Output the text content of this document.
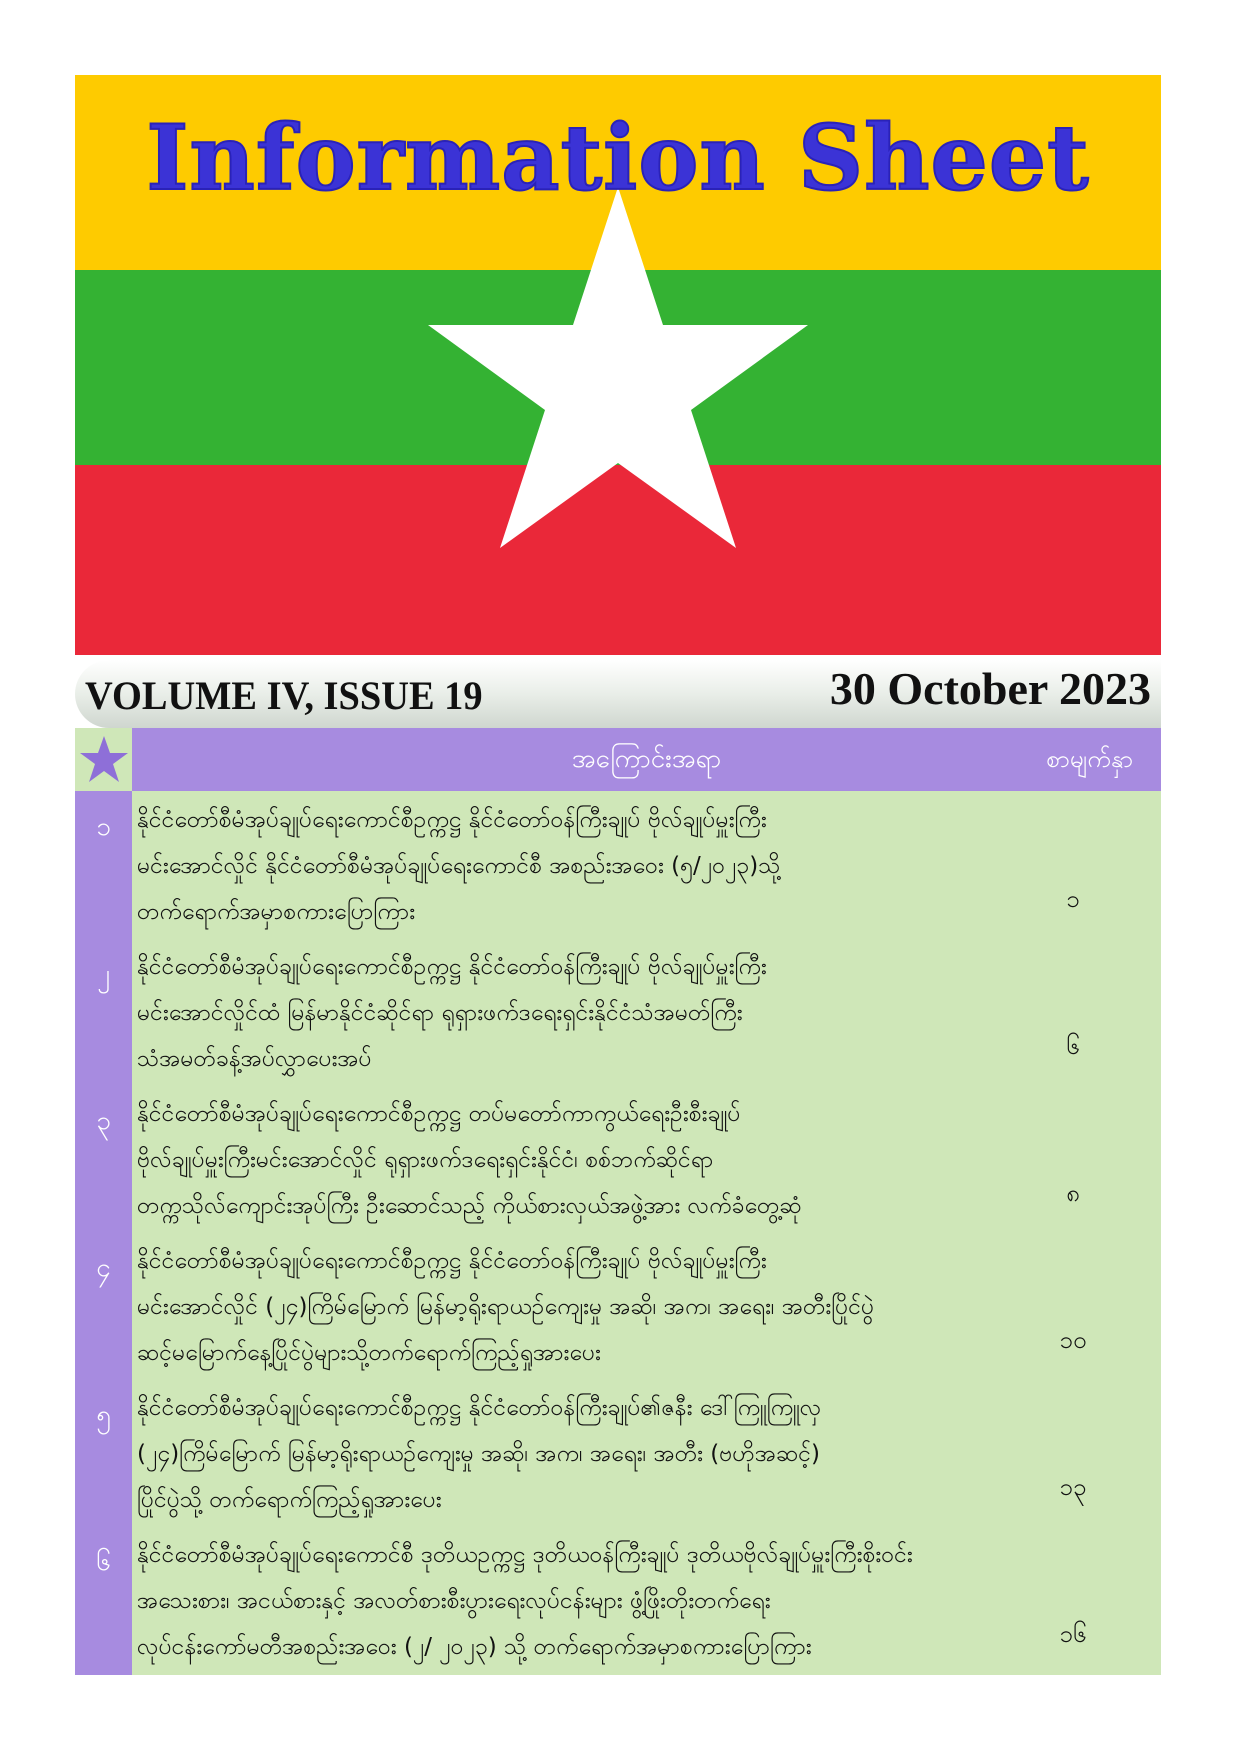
Information Sheet
VOLUME IV, ISSUE 19	30 October 2023
အကြောင်းအရာ	စာမျက်နှာ
၁	နိုင်ငံတော်စီမံအုပ်ချုပ်ရေးကောင်စီဥက္ကဋ္ဌ နိုင်ငံတော်ဝန်ကြီးချုပ် ဗိုလ်ချုပ်မှူးကြီး
မင်းအောင်လှိုင် နိုင်ငံတော်စီမံအုပ်ချုပ်ရေးကောင်စီ အစည်းအဝေး (၅/၂၀၂၃)သို့
တက်ရောက်အမှာစကားပြောကြား	၁
၂	နိုင်ငံတော်စီမံအုပ်ချုပ်ရေးကောင်စီဥက္ကဋ္ဌ နိုင်ငံတော်ဝန်ကြီးချုပ် ဗိုလ်ချုပ်မှူးကြီး
မင်းအောင်လှိုင်ထံ မြန်မာနိုင်ငံဆိုင်ရာ ရုရှားဖက်ဒရေးရှင်းနိုင်ငံသံအမတ်ကြီး
သံအမတ်ခန့်အပ်လွှာပေးအပ်	၆
၃	နိုင်ငံတော်စီမံအုပ်ချုပ်ရေးကောင်စီဥက္ကဋ္ဌ တပ်မတော်ကာကွယ်ရေးဦးစီးချုပ်
ဗိုလ်ချုပ်မှူးကြီးမင်းအောင်လှိုင် ရုရှားဖက်ဒရေးရှင်းနိုင်ငံ၊ စစ်ဘက်ဆိုင်ရာ
တက္ကသိုလ်ကျောင်းအုပ်ကြီး ဦးဆောင်သည့် ကိုယ်စားလှယ်အဖွဲ့အား လက်ခံတွေ့ဆုံ	၈
၄	နိုင်ငံတော်စီမံအုပ်ချုပ်ရေးကောင်စီဥက္ကဋ္ဌ နိုင်ငံတော်ဝန်ကြီးချုပ် ဗိုလ်ချုပ်မှူးကြီး
မင်းအောင်လှိုင် (၂၄)ကြိမ်မြောက် မြန်မာ့ရိုးရာယဉ်ကျေးမှု အဆို၊ အက၊ အရေး၊ အတီးပြိုင်ပွဲ
ဆင့်မမြောက်နေ့ပြိုင်ပွဲများသို့တက်ရောက်ကြည့်ရှုအားပေး	၁၀
၅	နိုင်ငံတော်စီမံအုပ်ချုပ်ရေးကောင်စီဥက္ကဋ္ဌ နိုင်ငံတော်ဝန်ကြီးချုပ်၏ဇနီး ဒေါ်ကြူကြူလှ
(၂၄)ကြိမ်မြောက် မြန်မာ့ရိုးရာယဉ်ကျေးမှု အဆို၊ အက၊ အရေး၊ အတီး (ဗဟိုအဆင့်)
ပြိုင်ပွဲသို့ တက်ရောက်ကြည့်ရှုအားပေး	၁၃
၆	နိုင်ငံတော်စီမံအုပ်ချုပ်ရေးကောင်စီ ဒုတိယဥက္ကဋ္ဌ ဒုတိယဝန်ကြီးချုပ် ဒုတိယဗိုလ်ချုပ်မှူးကြီးစိုးဝင်း
အသေးစား၊ အငယ်စားနှင့် အလတ်စားစီးပွားရေးလုပ်ငန်းများ ဖွံ့ဖြိုးတိုးတက်ရေး
လုပ်ငန်းကော်မတီအစည်းအဝေး (၂/ ၂၀၂၃) သို့ တက်ရောက်အမှာစကားပြောကြား	၁၆
